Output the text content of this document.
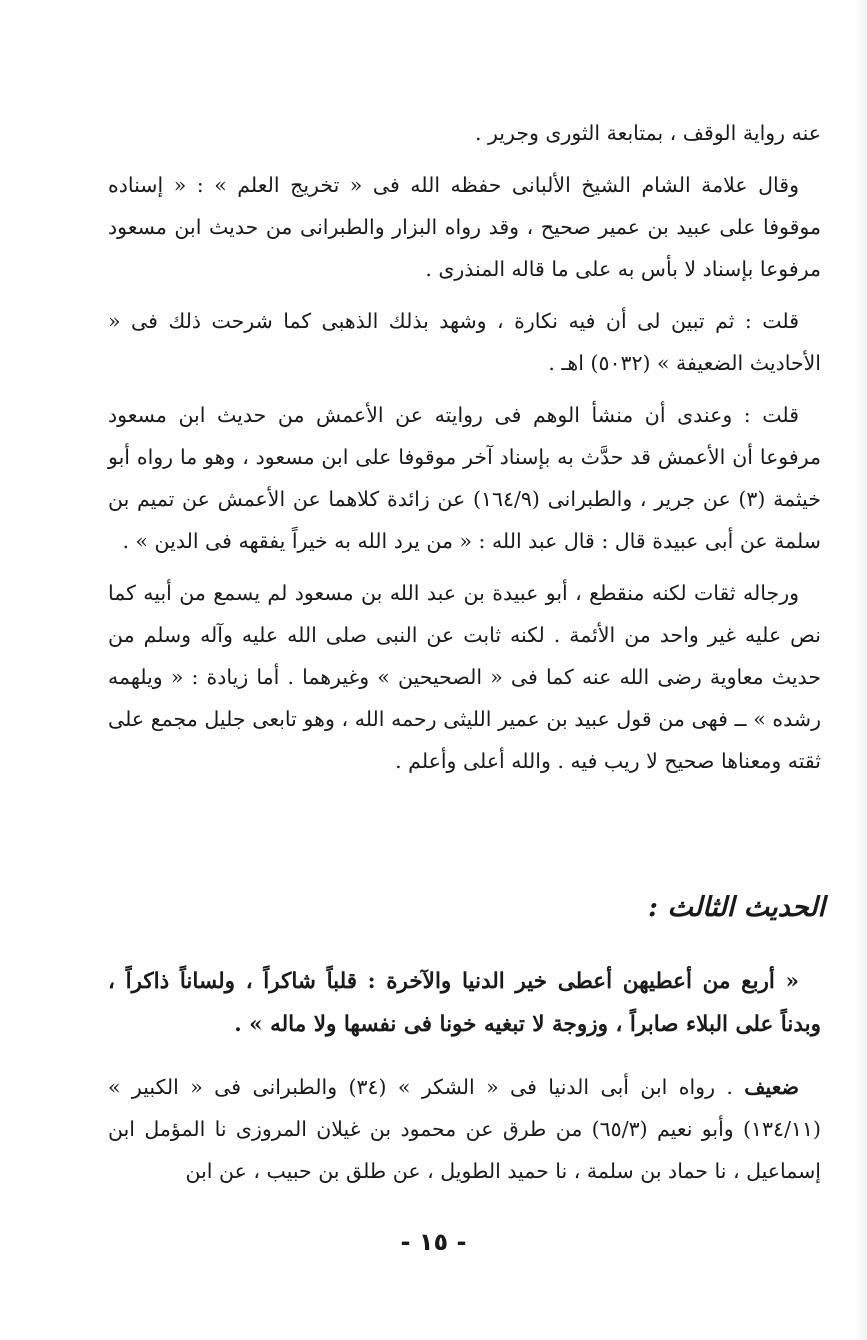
عنه رواية الوقف ، بمتابعة الثورى وجرير .

وقال علامة الشام الشيخ الألبانى حفظه الله فى « تخريج العلم » : « إسناده موقوفا على عبيد بن عمير صحيح ، وقد رواه البزار والطبرانى من حديث ابن مسعود مرفوعا بإسناد لا بأس به على ما قاله المنذرى .

قلت : ثم تبين لى أن فيه نكارة ، وشهد بذلك الذهبى كما شرحت ذلك فى « الأحاديث الضعيفة » (٥٠٣٢) اهـ .

قلت : وعندى أن منشأ الوهم فى روايته عن الأعمش من حديث ابن مسعود مرفوعا أن الأعمش قد حدَّث به بإسناد آخر موقوفا على ابن مسعود ، وهو ما رواه أبو خيثمة (٣) عن جرير ، والطبرانى (١٦٤/٩) عن زائدة كلاهما عن الأعمش عن تميم بن سلمة عن أبى عبيدة قال : قال عبد الله : « من يرد الله به خيراً يفقهه فى الدين » .

ورجاله ثقات لكنه منقطع ، أبو عبيدة بن عبد الله بن مسعود لم يسمع من أبيه كما نص عليه غير واحد من الأئمة . لكنه ثابت عن النبى صلى الله عليه وآله وسلم من حديث معاوية رضى الله عنه كما فى « الصحيحين » وغيرهما . أما زيادة : « ويلهمه رشده » ــ فهى من قول عبيد بن عمير الليثى رحمه الله ، وهو تابعى جليل مجمع على ثقته ومعناها صحيح لا ريب فيه . والله أعلى وأعلم .

الحديث الثالث :
« أربع من أعطيهن أعطى خير الدنيا والآخرة : قلباً شاكراً ، ولساناً ذاكراً ، وبدناً على البلاء صابراً ، وزوجة لا تبغيه خونا فى نفسها ولا ماله » .
ضعيف . رواه ابن أبى الدنيا فى « الشكر » (٣٤) والطبرانى فى « الكبير » (١٣٤/١١) وأبو نعيم (٦٥/٣) من طرق عن محمود بن غيلان المروزى نا المؤمل ابن إسماعيل ، نا حماد بن سلمة ، نا حميد الطويل ، عن طلق بن حبيب ، عن ابن
- ١٥ -
